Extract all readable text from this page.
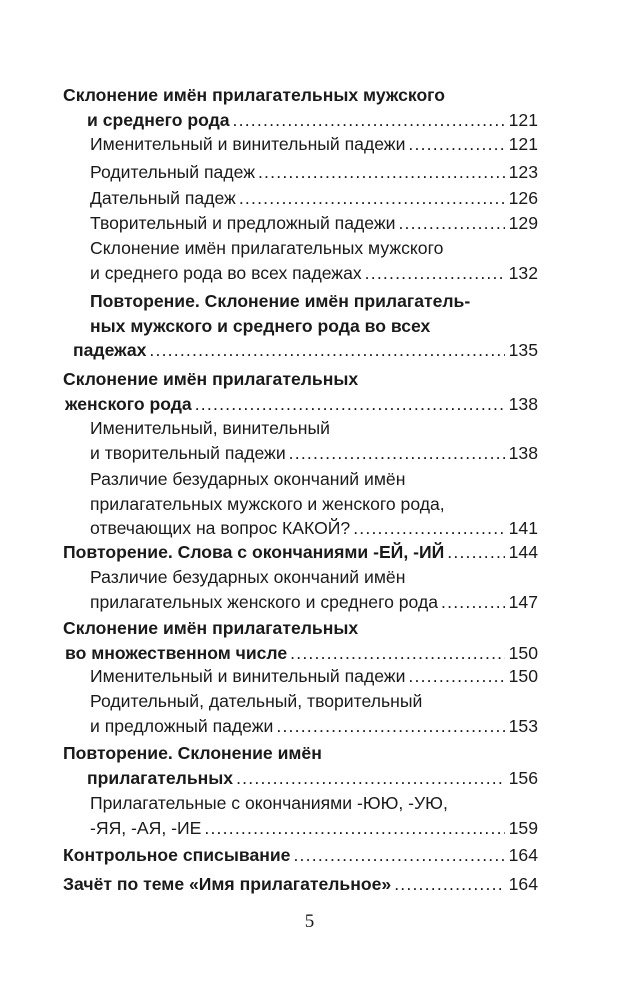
Склонение имён прилагательных мужского
и среднего рода .....	121
Именительный и винительный падежи .....	121
Родительный падеж .....	123
Дательный падеж .....	126
Творительный и предложный падежи .....	129
Склонение имён прилагательных мужского
и среднего рода во всех падежах .....	132
Повторение. Склонение имён прилагатель-
ных мужского и среднего рода во всех
падежах .....	135
Склонение имён прилагательных
женского рода .....	138
Именительный, винительный
и творительный падежи .....	138
Различие безударных окончаний имён
прилагательных мужского и женского рода,
отвечающих на вопрос КАКОЙ? .....	141
Повторение. Слова с окончаниями -ЕЙ, -ИЙ .....	144
Различие безударных окончаний имён
прилагательных женского и среднего рода .....	147
Склонение имён прилагательных
во множественном числе .....	150
Именительный и винительный падежи .....	150
Родительный, дательный, творительный
и предложный падежи .....	153
Повторение. Склонение имён
прилагательных .....	156
Прилагательные с окончаниями -ЮЮ, -УЮ,
-ЯЯ, -АЯ, -ИЕ .....	159
Контрольное списывание .....	164
Зачёт по теме «Имя прилагательное» .....	164
5
